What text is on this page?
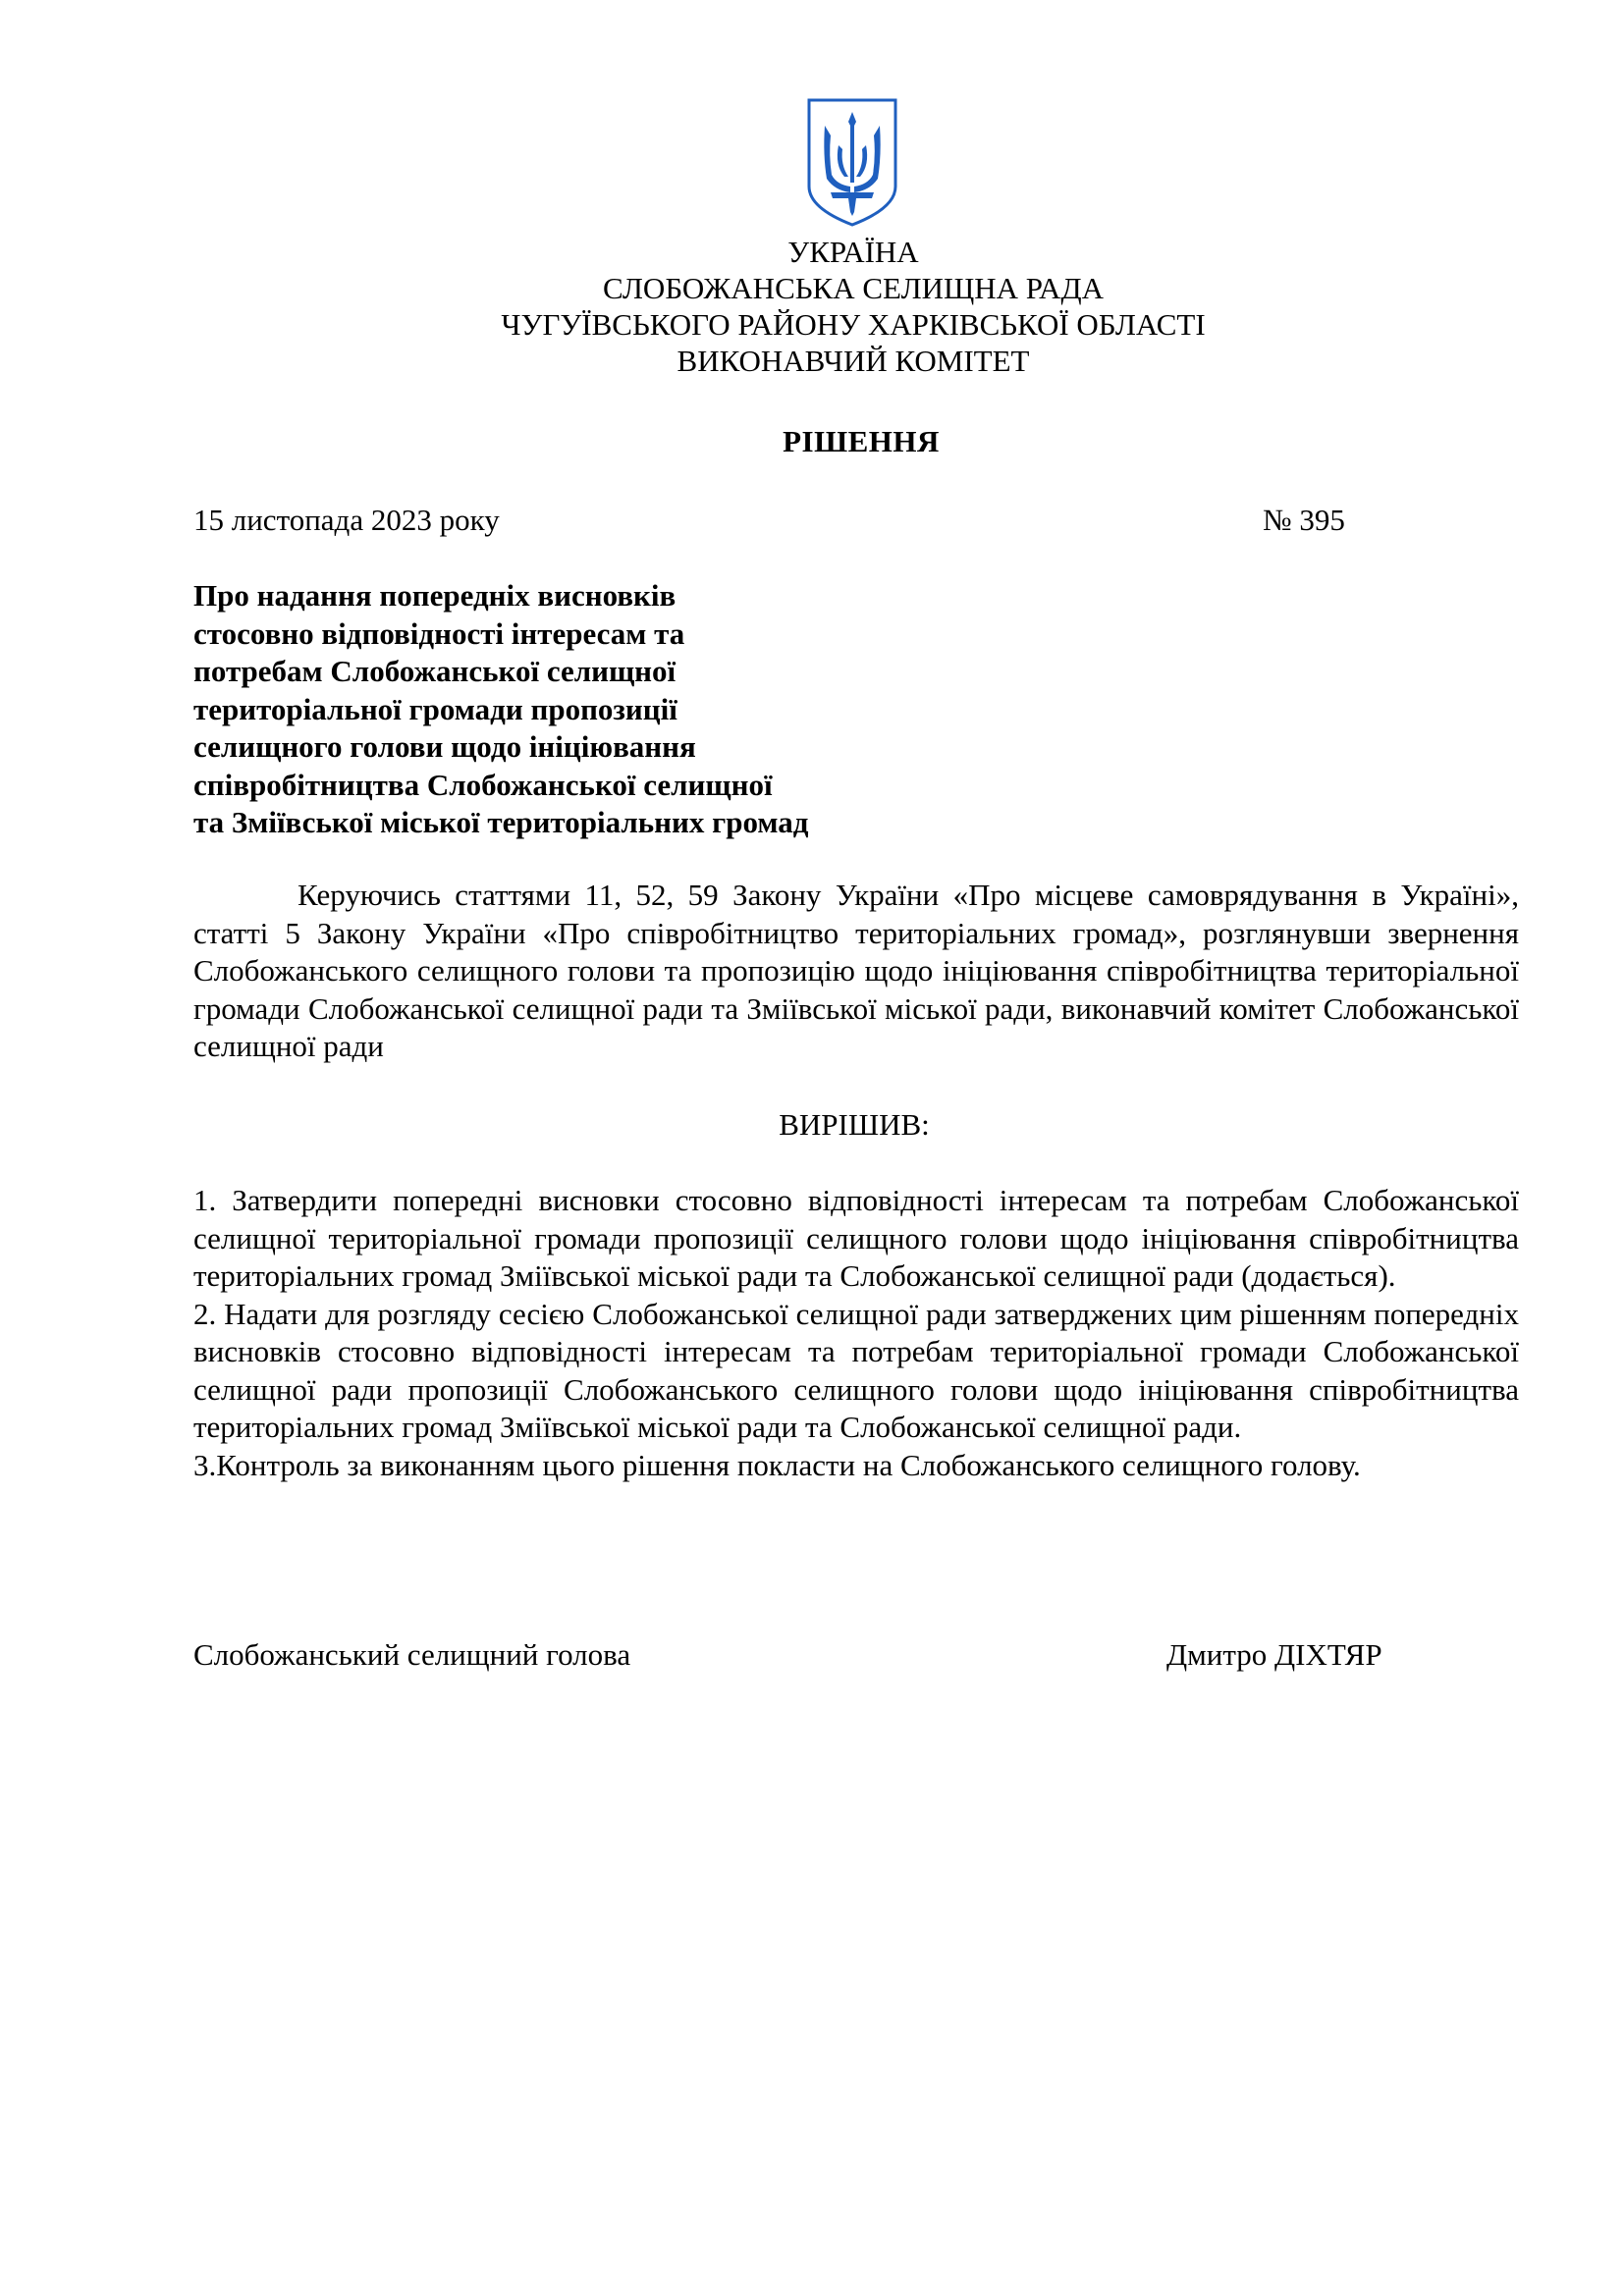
УКРАЇНА
СЛОБОЖАНСЬКА СЕЛИЩНА РАДА
ЧУГУЇВСЬКОГО РАЙОНУ ХАРКІВСЬКОЇ ОБЛАСТІ
ВИКОНАВЧИЙ КОМІТЕТ
РІШЕННЯ
15 листопада 2023 року	№ 395
Про надання попередніх висновків
стосовно відповідності інтересам та
потребам Слобожанської селищної
територіальної громади пропозиції
селищного голови щодо ініціювання
співробітництва Слобожанської селищної
та Зміївської міської територіальних громад
Керуючись статтями 11, 52, 59 Закону України «Про місцеве самоврядування в Україні», статті 5 Закону України «Про співробітництво територіальних громад», розглянувши звернення Слобожанського селищного голови та пропозицію щодо ініціювання співробітництва територіальної громади Слобожанської селищної ради та Зміївської міської ради, виконавчий комітет Слобожанської селищної ради
ВИРІШИВ:

1. Затвердити попередні висновки стосовно відповідності інтересам та потребам Слобожанської селищної територіальної громади пропозиції селищного голови щодо ініціювання співробітництва територіальних громад Зміївської міської ради та Слобожанської селищної ради (додається).

2. Надати для розгляду сесією Слобожанської селищної ради затверджених цим рішенням попередніх висновків стосовно відповідності інтересам та потребам територіальної громади Слобожанської селищної ради пропозиції Слобожанського селищного голови щодо ініціювання співробітництва територіальних громад Зміївської міської ради та Слобожанської селищної ради.

3.Контроль за виконанням цього рішення покласти на Слобожанського селищного голову.

Слобожанський селищний голова	Дмитро ДІХТЯР
